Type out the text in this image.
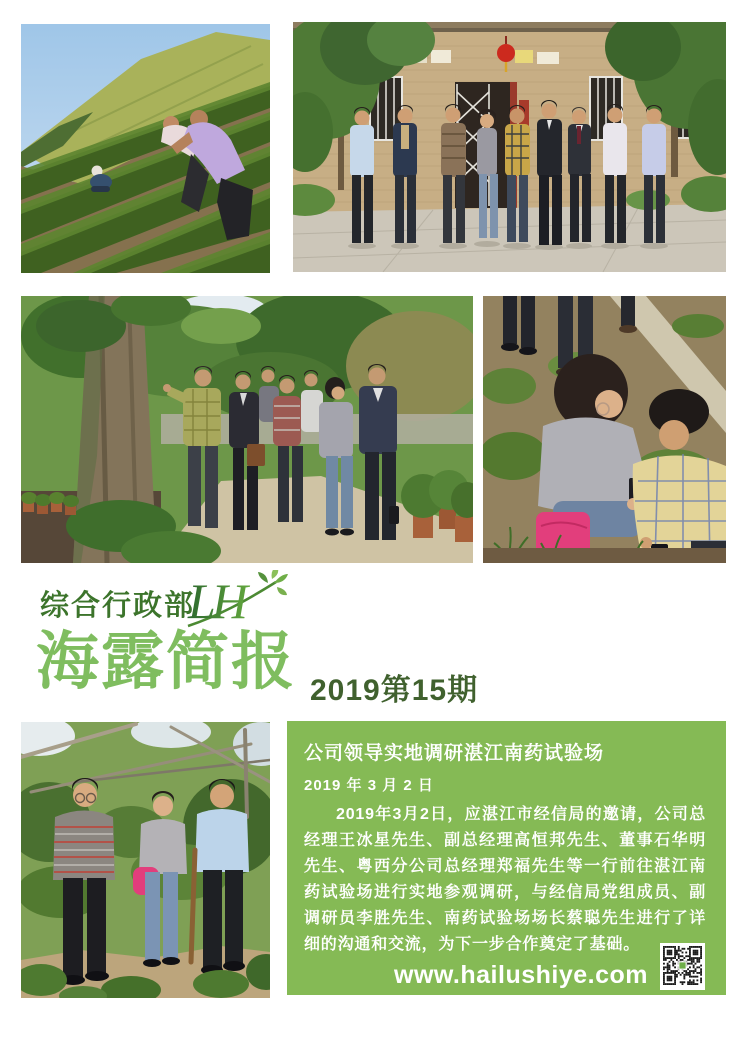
综合行政部
LH
海露简报 2019第15期
公司领导实地调研湛江南药试验场
2019 年 3 月 2 日

2019年3月2日，应湛江市经信局的邀请，公司总经理王冰星先生、副总经理高恒邦先生、董事石华明先生、粤西分公司总经理郑福先生等一行前往湛江南药试验场进行实地参观调研，与经信局党组成员、副调研员李胜先生、南药试验场场长蔡聪先生进行了详细的沟通和交流，为下一步合作奠定了基础。

www.hailushiye.com
